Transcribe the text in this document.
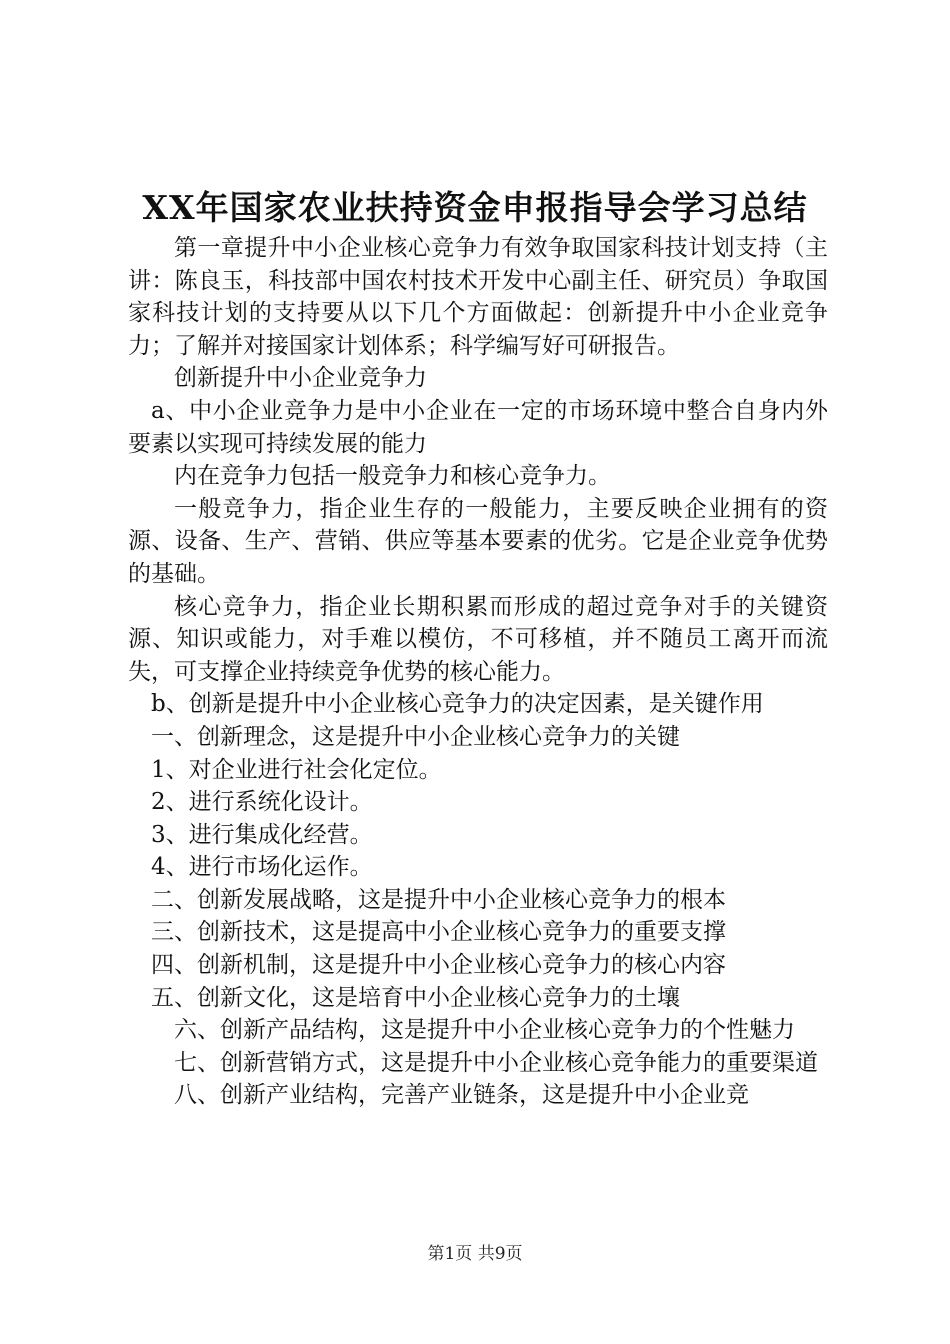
XX年国家农业扶持资金申报指导会学习总结

第一章提升中小企业核心竞争力有效争取国家科技计划支持（主讲：陈良玉，科技部中国农村技术开发中心副主任、研究员）争取国家科技计划的支持要从以下几个方面做起：创新提升中小企业竞争力；了解并对接国家计划体系；科学编写好可研报告。

创新提升中小企业竞争力

a、中小企业竞争力是中小企业在一定的市场环境中整合自身内外要素以实现可持续发展的能力

内在竞争力包括一般竞争力和核心竞争力。

一般竞争力，指企业生存的一般能力，主要反映企业拥有的资源、设备、生产、营销、供应等基本要素的优劣。它是企业竞争优势的基础。

核心竞争力，指企业长期积累而形成的超过竞争对手的关键资源、知识或能力，对手难以模仿，不可移植，并不随员工离开而流失，可支撑企业持续竞争优势的核心能力。

b、创新是提升中小企业核心竞争力的决定因素，是关键作用

一、创新理念，这是提升中小企业核心竞争力的关键

1、对企业进行社会化定位。

2、进行系统化设计。

3、进行集成化经营。

4、进行市场化运作。

二、创新发展战略，这是提升中小企业核心竞争力的根本

三、创新技术，这是提高中小企业核心竞争力的重要支撑

四、创新机制，这是提升中小企业核心竞争力的核心内容

五、创新文化，这是培育中小企业核心竞争力的土壤

六、创新产品结构，这是提升中小企业核心竞争力的个性魅力

七、创新营销方式，这是提升中小企业核心竞争能力的重要渠道

八、创新产业结构，完善产业链条，这是提升中小企业竞

第1页 共9页
